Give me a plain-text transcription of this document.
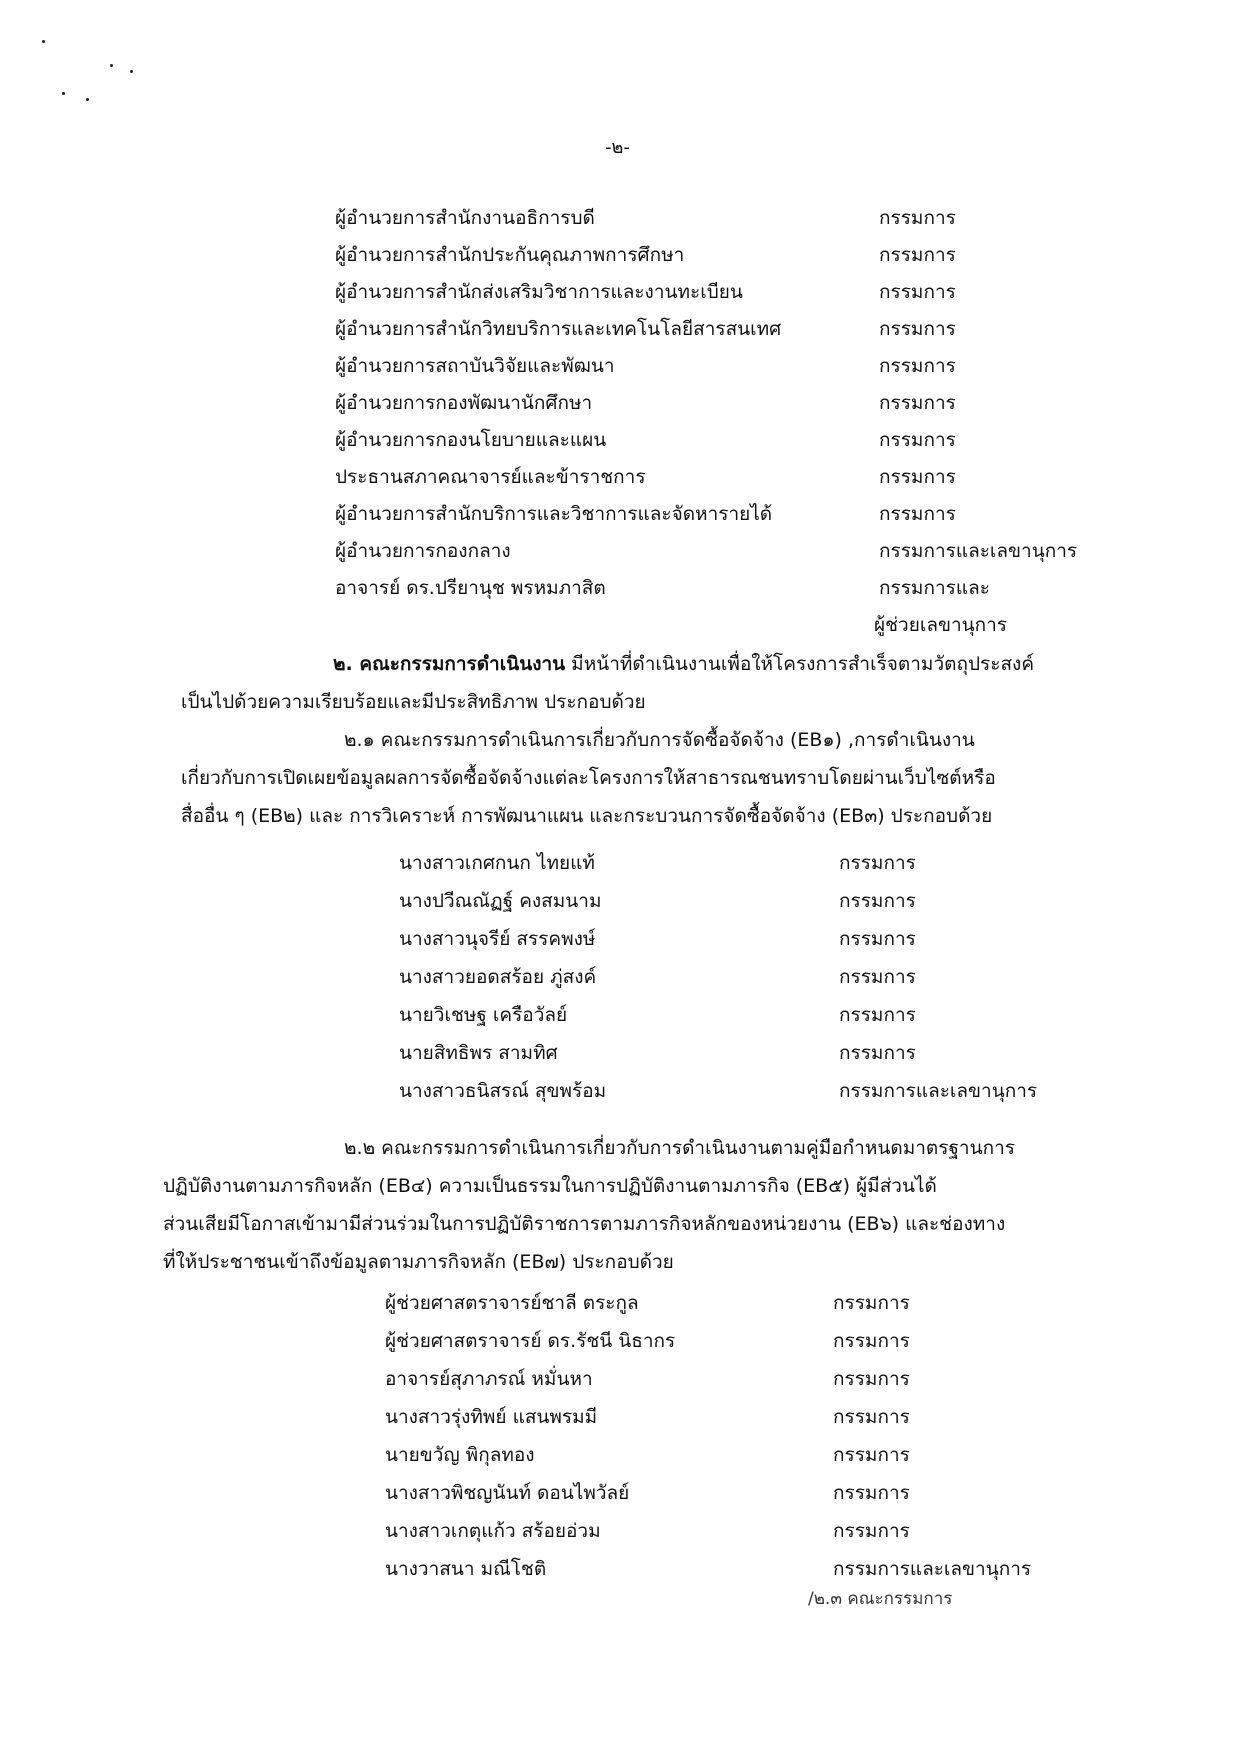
-๒-
ผู้อำนวยการสำนักงานอธิการบดี	กรรมการ
ผู้อำนวยการสำนักประกันคุณภาพการศึกษา	กรรมการ
ผู้อำนวยการสำนักส่งเสริมวิชาการและงานทะเบียน	กรรมการ
ผู้อำนวยการสำนักวิทยบริการและเทคโนโลยีสารสนเทศ	กรรมการ
ผู้อำนวยการสถาบันวิจัยและพัฒนา	กรรมการ
ผู้อำนวยการกองพัฒนานักศึกษา	กรรมการ
ผู้อำนวยการกองนโยบายและแผน	กรรมการ
ประธานสภาคณาจารย์และข้าราชการ	กรรมการ
ผู้อำนวยการสำนักบริการและวิชาการและจัดหารายได้	กรรมการ
ผู้อำนวยการกองกลาง	กรรมการและเลขานุการ
อาจารย์ ดร.ปรียานุช พรหมภาสิต	กรรมการและ
ผู้ช่วยเลขานุการ
๒. คณะกรรมการดำเนินงาน มีหน้าที่ดำเนินงานเพื่อให้โครงการสำเร็จตามวัตถุประสงค์
เป็นไปด้วยความเรียบร้อยและมีประสิทธิภาพ ประกอบด้วย
๒.๑ คณะกรรมการดำเนินการเกี่ยวกับการจัดซื้อจัดจ้าง (EB๑) ,การดำเนินงาน
เกี่ยวกับการเปิดเผยข้อมูลผลการจัดซื้อจัดจ้างแต่ละโครงการให้สาธารณชนทราบโดยผ่านเว็บไซต์หรือ
สื่ออื่น ๆ (EB๒) และ การวิเคราะห์ การพัฒนาแผน และกระบวนการจัดซื้อจัดจ้าง (EB๓) ประกอบด้วย
นางสาวเกศกนก ไทยแท้	กรรมการ
นางปวีณณัฏฐ์ คงสมนาม	กรรมการ
นางสาวนุจรีย์ สรรคพงษ์	กรรมการ
นางสาวยอดสร้อย ภู่สงค์	กรรมการ
นายวิเชษฐ เครือวัลย์	กรรมการ
นายสิทธิพร สามทิศ	กรรมการ
นางสาวธนิสรณ์ สุขพร้อม	กรรมการและเลขานุการ
๒.๒ คณะกรรมการดำเนินการเกี่ยวกับการดำเนินงานตามคู่มือกำหนดมาตรฐานการ
ปฏิบัติงานตามภารกิจหลัก (EB๔) ความเป็นธรรมในการปฏิบัติงานตามภารกิจ (EB๕) ผู้มีส่วนได้
ส่วนเสียมีโอกาสเข้ามามีส่วนร่วมในการปฏิบัติราชการตามภารกิจหลักของหน่วยงาน (EB๖) และช่องทาง
ที่ให้ประชาชนเข้าถึงข้อมูลตามภารกิจหลัก (EB๗) ประกอบด้วย
ผู้ช่วยศาสตราจารย์ชาลี ตระกูล	กรรมการ
ผู้ช่วยศาสตราจารย์ ดร.รัชนี นิธากร	กรรมการ
อาจารย์สุภาภรณ์ หมั่นหา	กรรมการ
นางสาวรุ่งทิพย์ แสนพรมมี	กรรมการ
นายขวัญ พิกุลทอง	กรรมการ
นางสาวพิชญนันท์ ดอนไพวัลย์	กรรมการ
นางสาวเกตุแก้ว สร้อยอ่วม	กรรมการ
นางวาสนา มณีโชติ	กรรมการและเลขานุการ
/๒.๓ คณะกรรมการ
